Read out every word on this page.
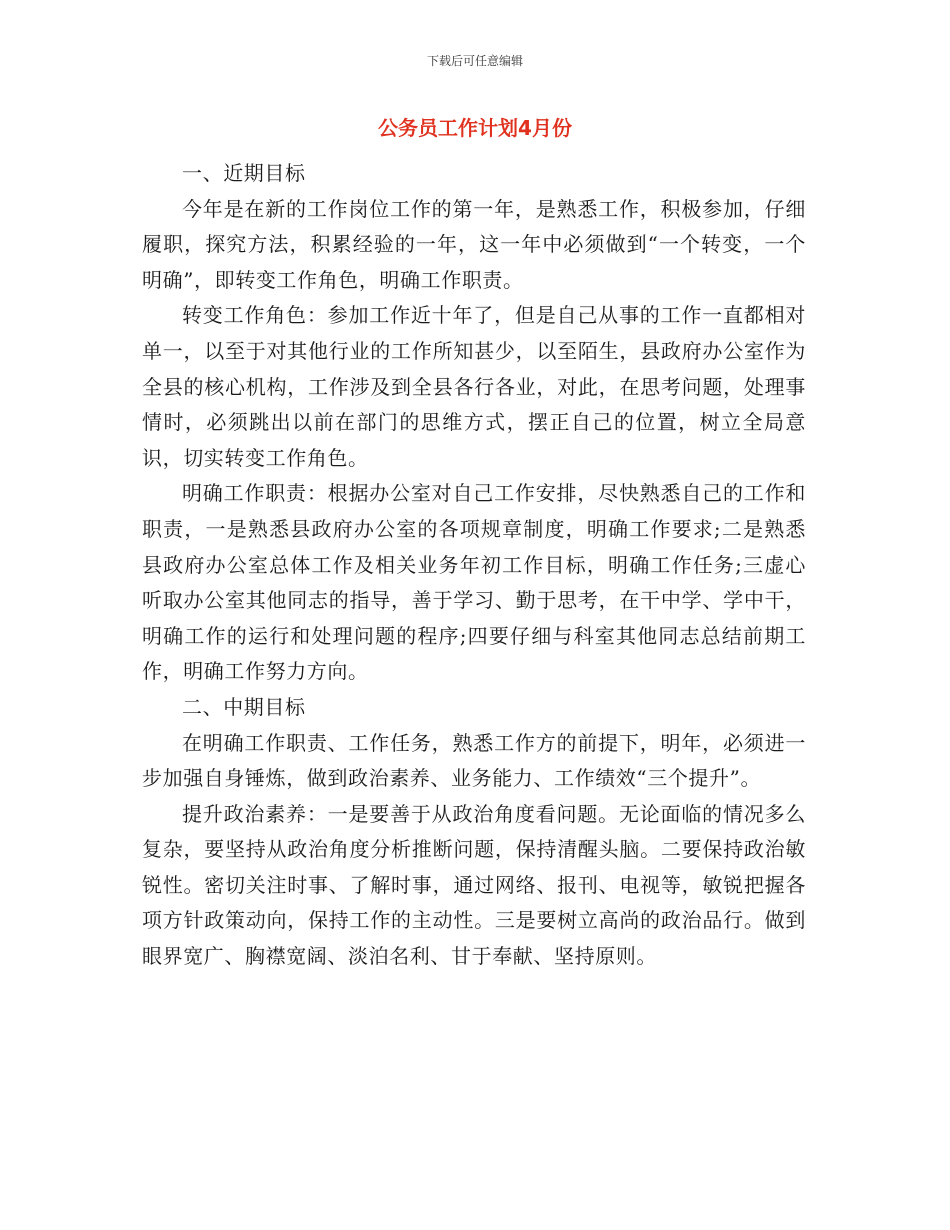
下载后可任意编辑
公务员工作计划4月份

一、近期目标

今年是在新的工作岗位工作的第一年，是熟悉工作，积极参加，仔细履职，探究方法，积累经验的一年，这一年中必须做到“一个转变，一个明确”，即转变工作角色，明确工作职责。

转变工作角色：参加工作近十年了，但是自己从事的工作一直都相对单一，以至于对其他行业的工作所知甚少，以至陌生，县政府办公室作为全县的核心机构，工作涉及到全县各行各业，对此，在思考问题，处理事情时，必须跳出以前在部门的思维方式，摆正自己的位置，树立全局意识，切实转变工作角色。

明确工作职责：根据办公室对自己工作安排，尽快熟悉自己的工作和职责，一是熟悉县政府办公室的各项规章制度，明确工作要求;二是熟悉县政府办公室总体工作及相关业务年初工作目标，明确工作任务;三虚心听取办公室其他同志的指导，善于学习、勤于思考，在干中学、学中干，明确工作的运行和处理问题的程序;四要仔细与科室其他同志总结前期工作，明确工作努力方向。

二、中期目标

在明确工作职责、工作任务，熟悉工作方的前提下，明年，必须进一步加强自身锤炼，做到政治素养、业务能力、工作绩效“三个提升”。

提升政治素养：一是要善于从政治角度看问题。无论面临的情况多么复杂，要坚持从政治角度分析推断问题，保持清醒头脑。二要保持政治敏锐性。密切关注时事、了解时事，通过网络、报刊、电视等，敏锐把握各项方针政策动向，保持工作的主动性。三是要树立高尚的政治品行。做到眼界宽广、胸襟宽阔、淡泊名利、甘于奉献、坚持原则。
